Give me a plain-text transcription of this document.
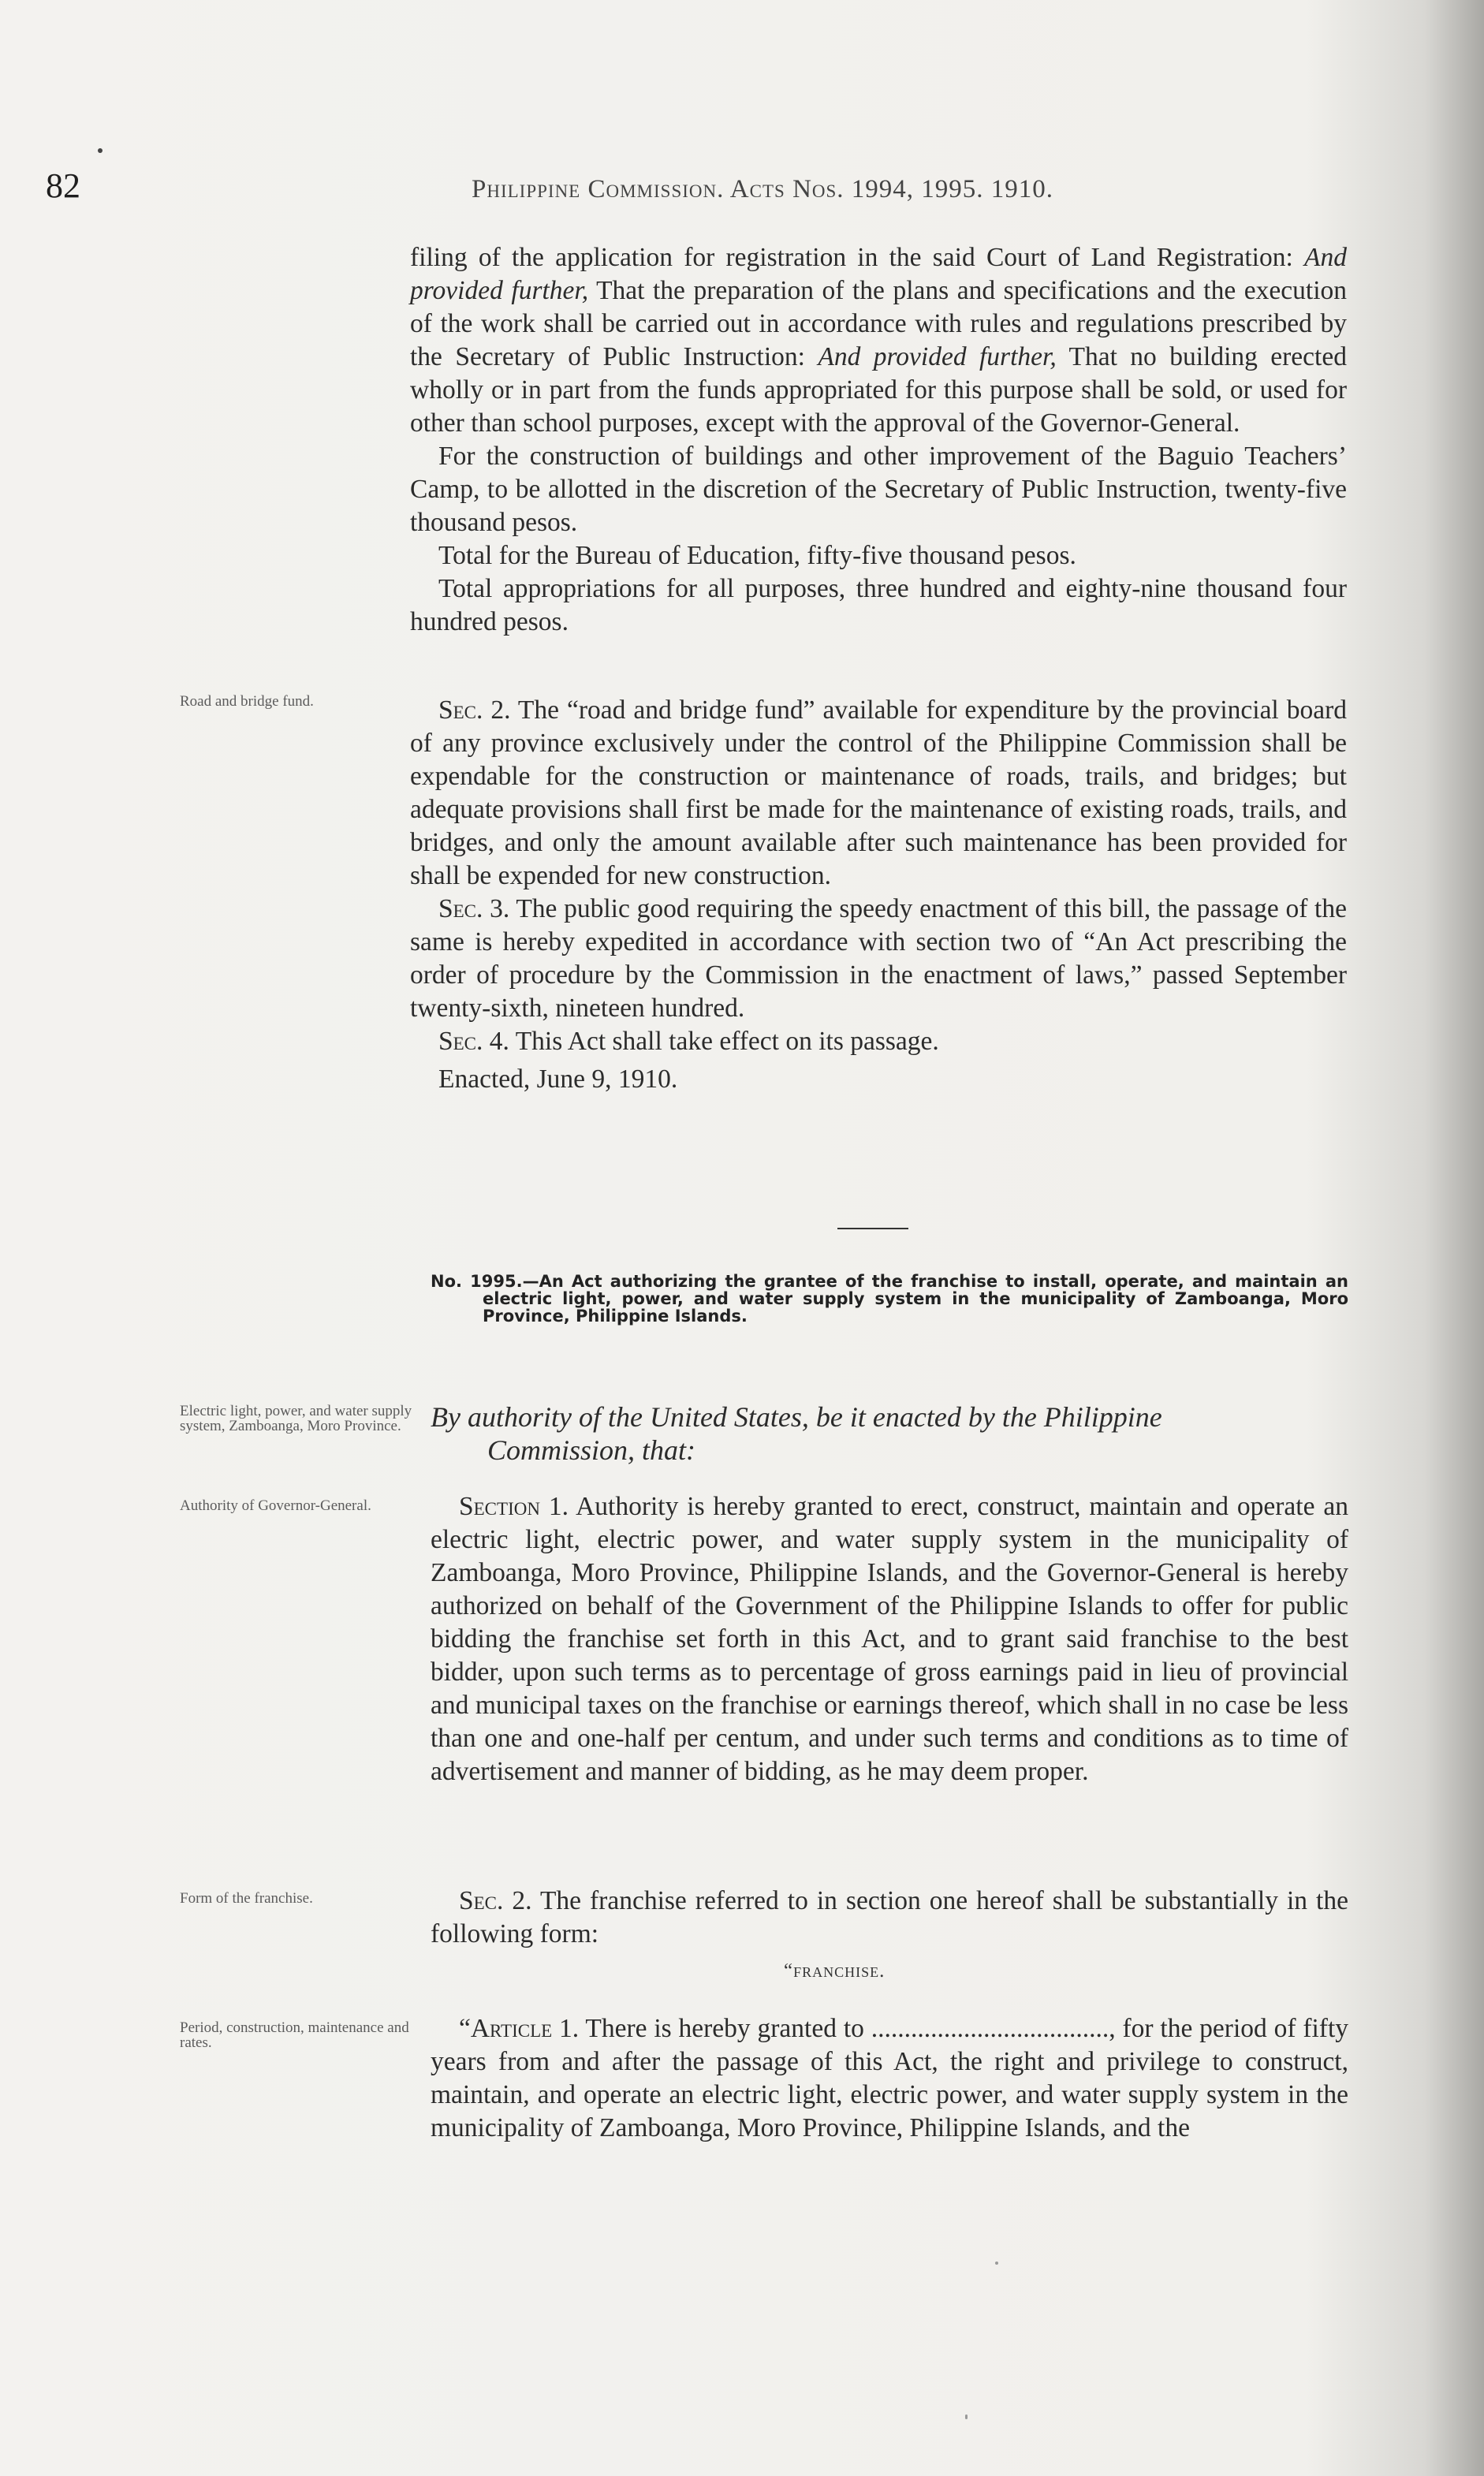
82	Philippine Commission. Acts Nos. 1994, 1995. 1910.

filing of the application for registration in the said Court of Land Registration: And provided further, That the preparation of the plans and specifications and the execution of the work shall be carried out in accordance with rules and regulations prescribed by the Secretary of Public Instruction: And provided further, That no building erected wholly or in part from the funds appropriated for this purpose shall be sold, or used for other than school purposes, except with the approval of the Governor-General.

For the construction of buildings and other improvement of the Baguio Teachers’ Camp, to be allotted in the discretion of the Secretary of Public Instruction, twenty-five thousand pesos.

Total for the Bureau of Education, fifty-five thousand pesos.

Total appropriations for all purposes, three hundred and eighty-nine thousand four hundred pesos.

Road and bridge fund.	Sec. 2. The “road and bridge fund” available for expenditure by the provincial board of any province exclusively under the control of the Philippine Commission shall be expendable for the construction or maintenance of roads, trails, and bridges; but adequate provisions shall first be made for the maintenance of existing roads, trails, and bridges, and only the amount available after such maintenance has been provided for shall be expended for new construction.

Sec. 3. The public good requiring the speedy enactment of this bill, the passage of the same is hereby expedited in accordance with section two of “An Act prescribing the order of procedure by the Commission in the enactment of laws,” passed September twenty-sixth, nineteen hundred.

Sec. 4. This Act shall take effect on its passage.

Enacted, June 9, 1910.

No. 1995.—An Act authorizing the grantee of the franchise to install, operate, and maintain an electric light, power, and water supply system in the municipality of Zamboanga, Moro Province, Philippine Islands.
Electric light, power, and water supply system, Zamboanga, Moro Province.	By authority of the United States, be it enacted by the Philippine
Commission, that:
Authority of Governor-General.	Section 1. Authority is hereby granted to erect, construct, maintain and operate an electric light, electric power, and water supply system in the municipality of Zamboanga, Moro Province, Philippine Islands, and the Governor-General is hereby authorized on behalf of the Government of the Philippine Islands to offer for public bidding the franchise set forth in this Act, and to grant said franchise to the best bidder, upon such terms as to percentage of gross earnings paid in lieu of provincial and municipal taxes on the franchise or earnings thereof, which shall in no case be less than one and one-half per centum, and under such terms and conditions as to time of advertisement and manner of bidding, as he may deem proper.

Form of the franchise.	Sec. 2. The franchise referred to in section one hereof shall be substantially in the following form:

“franchise.
Period, construction, maintenance and rates.	“Article 1. There is hereby granted to ...................................., for the period of fifty years from and after the passage of this Act, the right and privilege to construct, maintain, and operate an electric light, electric power, and water supply system in the municipality of Zamboanga, Moro Province, Philippine Islands, and the
